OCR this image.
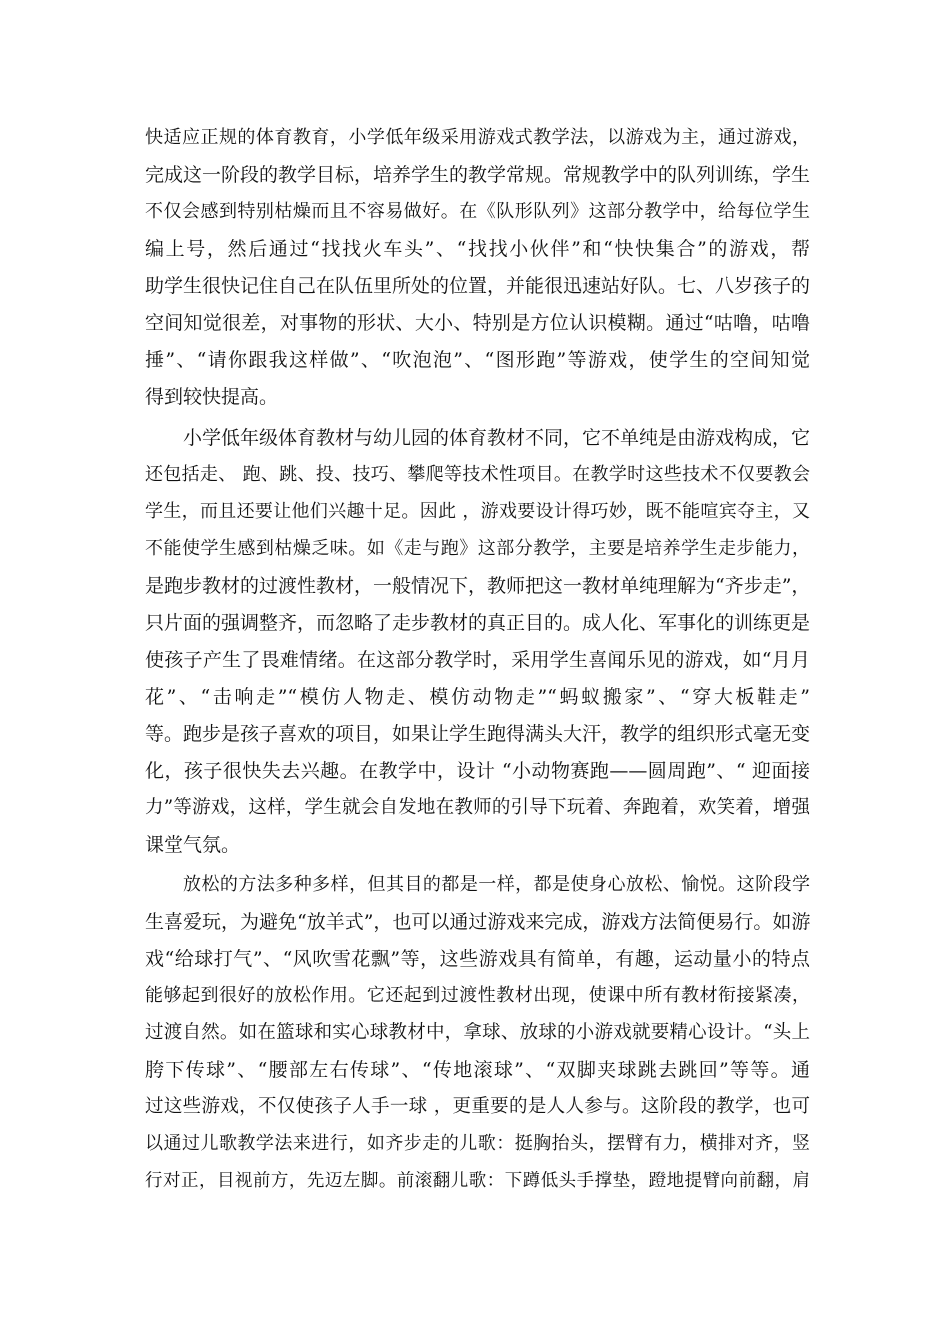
快适应正规的体育教育，小学低年级采用游戏式教学法，以游戏为主，通过游戏，
完成这一阶段的教学目标，培养学生的教学常规。常规教学中的队列训练，学生
不仅会感到特别枯燥而且不容易做好。在《队形队列》这部分教学中，给每位学生
编上号，然后通过“找找火车头”、“找找小伙伴”和“快快集合”的游戏，帮
助学生很快记住自己在队伍里所处的位置，并能很迅速站好队。七、八岁孩子的
空间知觉很差，对事物的形状、大小、特别是方位认识模糊。通过“咕噜，咕噜
捶”、“请你跟我这样做”、“吹泡泡”、“图形跑”等游戏，使学生的空间知觉
得到较快提高。
小学低年级体育教材与幼儿园的体育教材不同，它不单纯是由游戏构成，它
还包括走、 跑、跳、投、技巧、攀爬等技术性项目。在教学时这些技术不仅要教会
学生，而且还要让他们兴趣十足。因此 ，游戏要设计得巧妙，既不能喧宾夺主，又
不能使学生感到枯燥乏味。如《走与跑》这部分教学，主要是培养学生走步能力，
是跑步教材的过渡性教材，一般情况下，教师把这一教材单纯理解为“齐步走”，
只片面的强调整齐，而忽略了走步教材的真正目的。成人化、军事化的训练更是
使孩子产生了畏难情绪。在这部分教学时，采用学生喜闻乐见的游戏，如“月月
花”、“击响走”“模仿人物走、模仿动物走”“蚂蚁搬家”、“穿大板鞋走”
等。跑步是孩子喜欢的项目，如果让学生跑得满头大汗，教学的组织形式毫无变
化，孩子很快失去兴趣。在教学中，设计 “小动物赛跑——圆周跑”、“ 迎面接
力”等游戏，这样，学生就会自发地在教师的引导下玩着、奔跑着，欢笑着，增强
课堂气氛。
放松的方法多种多样，但其目的都是一样，都是使身心放松、愉悦。这阶段学
生喜爱玩，为避免“放羊式”，也可以通过游戏来完成，游戏方法简便易行。如游
戏“给球打气”、“风吹雪花飘”等，这些游戏具有简单，有趣，运动量小的特点
能够起到很好的放松作用。它还起到过渡性教材出现，使课中所有教材衔接紧凑，
过渡自然。如在篮球和实心球教材中，拿球、放球的小游戏就要精心设计。“头上
胯下传球”、“腰部左右传球”、“传地滚球”、“双脚夹球跳去跳回”等等。通
过这些游戏，不仅使孩子人手一球 ，更重要的是人人参与。这阶段的教学，也可
以通过儿歌教学法来进行，如齐步走的儿歌：挺胸抬头，摆臂有力，横排对齐，竖
行对正，目视前方，先迈左脚。前滚翻儿歌：下蹲低头手撑垫，蹬地提臂向前翻，肩
